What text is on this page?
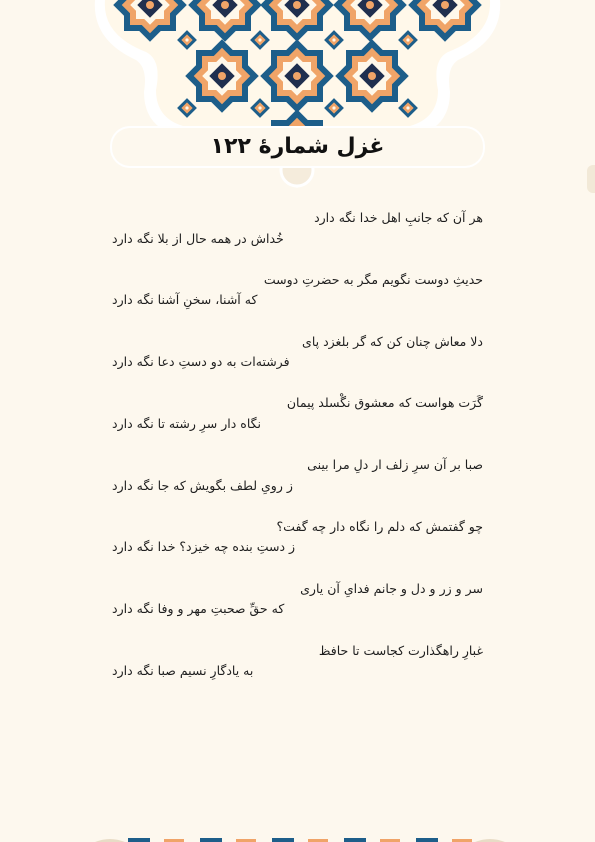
غزل شمارهٔ ۱۲۲
هر آن که جانبِ اهل خدا نگه دارد
خُداش در همه حال از بلا نگه دارد
حدیثِ دوست نگویم مگر به حضرتِ دوست
که آشنا، سخنِ آشنا نگه دارد
دلا معاش چنان کن که گر بلغزد پای
فرشته‌ات به دو دستِ دعا نگه دارد
گَرَت هواست که معشوق نگْسلد پیمان
نگاه دار سرِ رشته تا نگه دارد
صبا بر آن سرِ زلف ار دلِ مرا بینی
ز رویِ لطف بگویش که جا نگه دارد
چو گفتمش که دلم را نگاه دار چه گفت؟
ز دستِ بنده چه خیزد؟ خدا نگه دارد
سر و زر و دل و جانم فدایِ آن یاری
که حقِّ صحبتِ مهر و وفا نگه دارد
غبارِ راهگذارت کجاست تا حافظ
به یادگارِ نسیم صبا نگه دارد
